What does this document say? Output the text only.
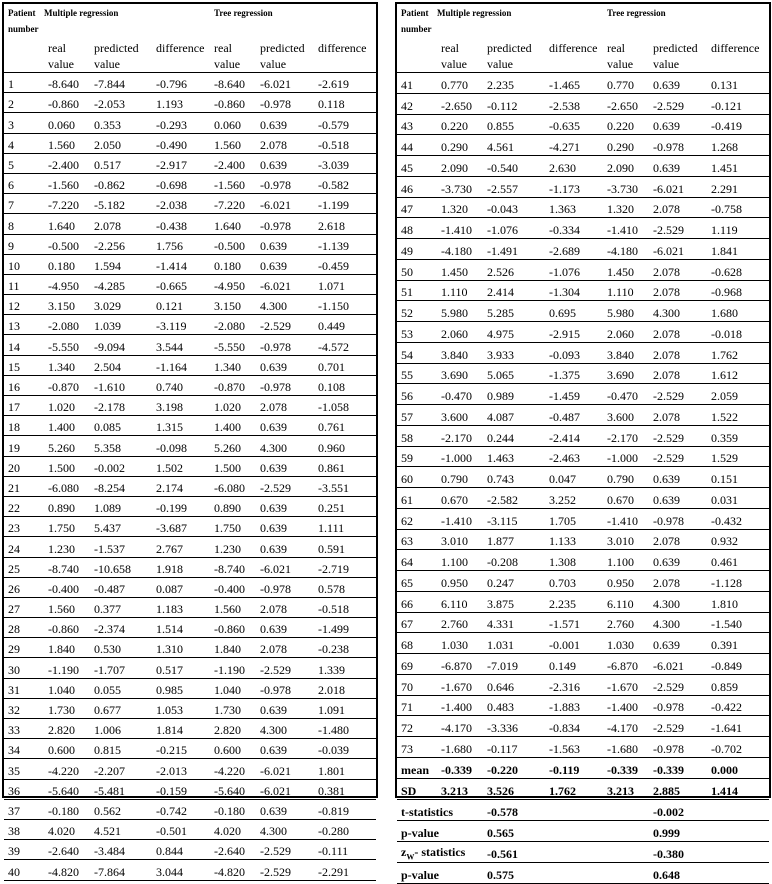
Patient	Multiple regression			Tree regression		
number						
	real	predicted	difference	real	predicted	difference
	value	value		value	value	
1	-8.640	-7.844	-0.796	-8.640	-6.021	-2.619
2	-0.860	-2.053	1.193	-0.860	-0.978	0.118
3	0.060	0.353	-0.293	0.060	0.639	-0.579
4	1.560	2.050	-0.490	1.560	2.078	-0.518
5	-2.400	0.517	-2.917	-2.400	0.639	-3.039
6	-1.560	-0.862	-0.698	-1.560	-0.978	-0.582
7	-7.220	-5.182	-2.038	-7.220	-6.021	-1.199
8	1.640	2.078	-0.438	1.640	-0.978	2.618
9	-0.500	-2.256	1.756	-0.500	0.639	-1.139
10	0.180	1.594	-1.414	0.180	0.639	-0.459
11	-4.950	-4.285	-0.665	-4.950	-6.021	1.071
12	3.150	3.029	0.121	3.150	4.300	-1.150
13	-2.080	1.039	-3.119	-2.080	-2.529	0.449
14	-5.550	-9.094	3.544	-5.550	-0.978	-4.572
15	1.340	2.504	-1.164	1.340	0.639	0.701
16	-0.870	-1.610	0.740	-0.870	-0.978	0.108
17	1.020	-2.178	3.198	1.020	2.078	-1.058
18	1.400	0.085	1.315	1.400	0.639	0.761
19	5.260	5.358	-0.098	5.260	4.300	0.960
20	1.500	-0.002	1.502	1.500	0.639	0.861
21	-6.080	-8.254	2.174	-6.080	-2.529	-3.551
22	0.890	1.089	-0.199	0.890	0.639	0.251
23	1.750	5.437	-3.687	1.750	0.639	1.111
24	1.230	-1.537	2.767	1.230	0.639	0.591
25	-8.740	-10.658	1.918	-8.740	-6.021	-2.719
26	-0.400	-0.487	0.087	-0.400	-0.978	0.578
27	1.560	0.377	1.183	1.560	2.078	-0.518
28	-0.860	-2.374	1.514	-0.860	0.639	-1.499
29	1.840	0.530	1.310	1.840	2.078	-0.238
30	-1.190	-1.707	0.517	-1.190	-2.529	1.339
31	1.040	0.055	0.985	1.040	-0.978	2.018
32	1.730	0.677	1.053	1.730	0.639	1.091
33	2.820	1.006	1.814	2.820	4.300	-1.480
34	0.600	0.815	-0.215	0.600	0.639	-0.039
35	-4.220	-2.207	-2.013	-4.220	-6.021	1.801
36	-5.640	-5.481	-0.159	-5.640	-6.021	0.381
37	-0.180	0.562	-0.742	-0.180	0.639	-0.819
38	4.020	4.521	-0.501	4.020	4.300	-0.280
39	-2.640	-3.484	0.844	-2.640	-2.529	-0.111
40	-4.820	-7.864	3.044	-4.820	-2.529	-2.291
Patient	Multiple regression			Tree regression		
number						
	real	predicted	difference	real	predicted	difference
	value	value		value	value	
41	0.770	2.235	-1.465	0.770	0.639	0.131
42	-2.650	-0.112	-2.538	-2.650	-2.529	-0.121
43	0.220	0.855	-0.635	0.220	0.639	-0.419
44	0.290	4.561	-4.271	0.290	-0.978	1.268
45	2.090	-0.540	2.630	2.090	0.639	1.451
46	-3.730	-2.557	-1.173	-3.730	-6.021	2.291
47	1.320	-0.043	1.363	1.320	2.078	-0.758
48	-1.410	-1.076	-0.334	-1.410	-2.529	1.119
49	-4.180	-1.491	-2.689	-4.180	-6.021	1.841
50	1.450	2.526	-1.076	1.450	2.078	-0.628
51	1.110	2.414	-1.304	1.110	2.078	-0.968
52	5.980	5.285	0.695	5.980	4.300	1.680
53	2.060	4.975	-2.915	2.060	2.078	-0.018
54	3.840	3.933	-0.093	3.840	2.078	1.762
55	3.690	5.065	-1.375	3.690	2.078	1.612
56	-0.470	0.989	-1.459	-0.470	-2.529	2.059
57	3.600	4.087	-0.487	3.600	2.078	1.522
58	-2.170	0.244	-2.414	-2.170	-2.529	0.359
59	-1.000	1.463	-2.463	-1.000	-2.529	1.529
60	0.790	0.743	0.047	0.790	0.639	0.151
61	0.670	-2.582	3.252	0.670	0.639	0.031
62	-1.410	-3.115	1.705	-1.410	-0.978	-0.432
63	3.010	1.877	1.133	3.010	2.078	0.932
64	1.100	-0.208	1.308	1.100	0.639	0.461
65	0.950	0.247	0.703	0.950	2.078	-1.128
66	6.110	3.875	2.235	6.110	4.300	1.810
67	2.760	4.331	-1.571	2.760	4.300	-1.540
68	1.030	1.031	-0.001	1.030	0.639	0.391
69	-6.870	-7.019	0.149	-6.870	-6.021	-0.849
70	-1.670	0.646	-2.316	-1.670	-2.529	0.859
71	-1.400	0.483	-1.883	-1.400	-0.978	-0.422
72	-4.170	-3.336	-0.834	-4.170	-2.529	-1.641
73	-1.680	-0.117	-1.563	-1.680	-0.978	-0.702
mean	-0.339	-0.220	-0.119	-0.339	-0.339	0.000
SD	3.213	3.526	1.762	3.213	2.885	1.414
t-statistics		-0.578			-0.002	
p-value		0.565			0.999	
$z_W-$ statistics		-0.561			-0.380	
p-value		0.575			0.648	
